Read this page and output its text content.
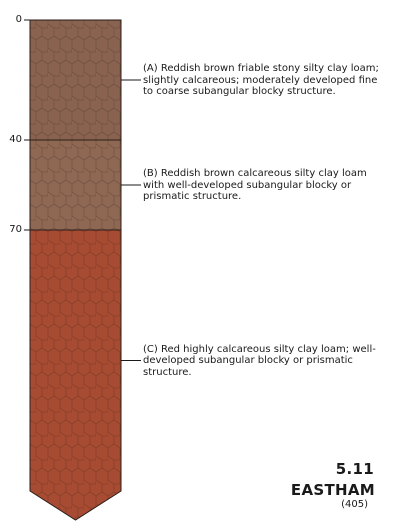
0
40
70
(A) Reddish brown friable stony silty clay loam; slightly calcareous; moderately developed fine to coarse subangular blocky structure.
(B) Reddish brown calcareous silty clay loam with well-developed subangular blocky or prismatic structure.
(C) Red highly calcareous silty clay loam; well-developed subangular blocky or prismatic structure.
5.11
EASTHAM
(405)
